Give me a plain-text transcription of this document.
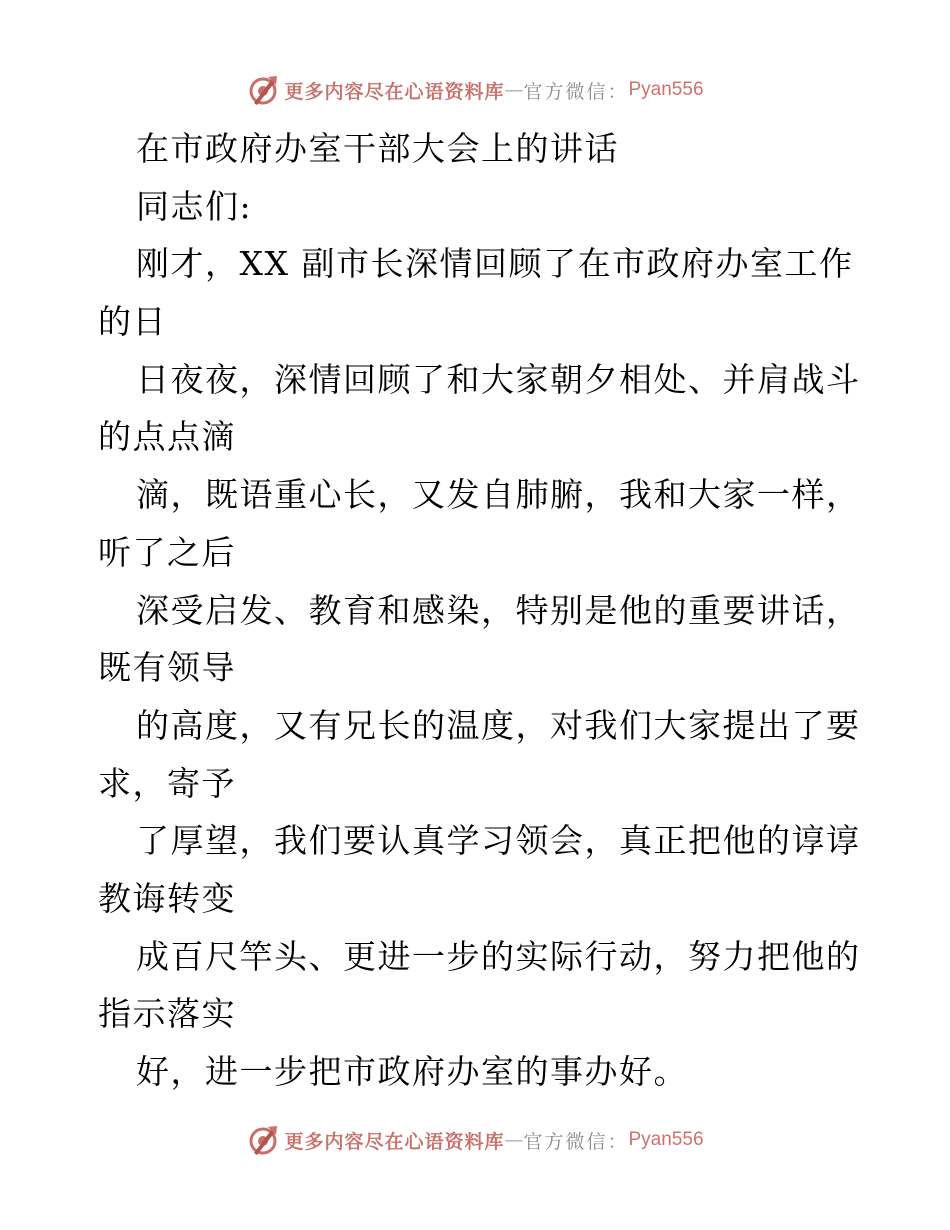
更多内容尽在心语资料库 — 官方微信： Pyan556
在市政府办室干部大会上的讲话
同志们:
刚才，XX 副市长深情回顾了在市政府办室工作
的日
日夜夜，深情回顾了和大家朝夕相处、并肩战斗
的点点滴
滴，既语重心长，又发自肺腑，我和大家一样，
听了之后
深受启发、教育和感染，特别是他的重要讲话，
既有领导
的高度，又有兄长的温度，对我们大家提出了要
求，寄予
了厚望，我们要认真学习领会，真正把他的谆谆
教诲转变
成百尺竿头、更进一步的实际行动，努力把他的
指示落实
好，进一步把市政府办室的事办好。
更多内容尽在心语资料库 — 官方微信： Pyan556
